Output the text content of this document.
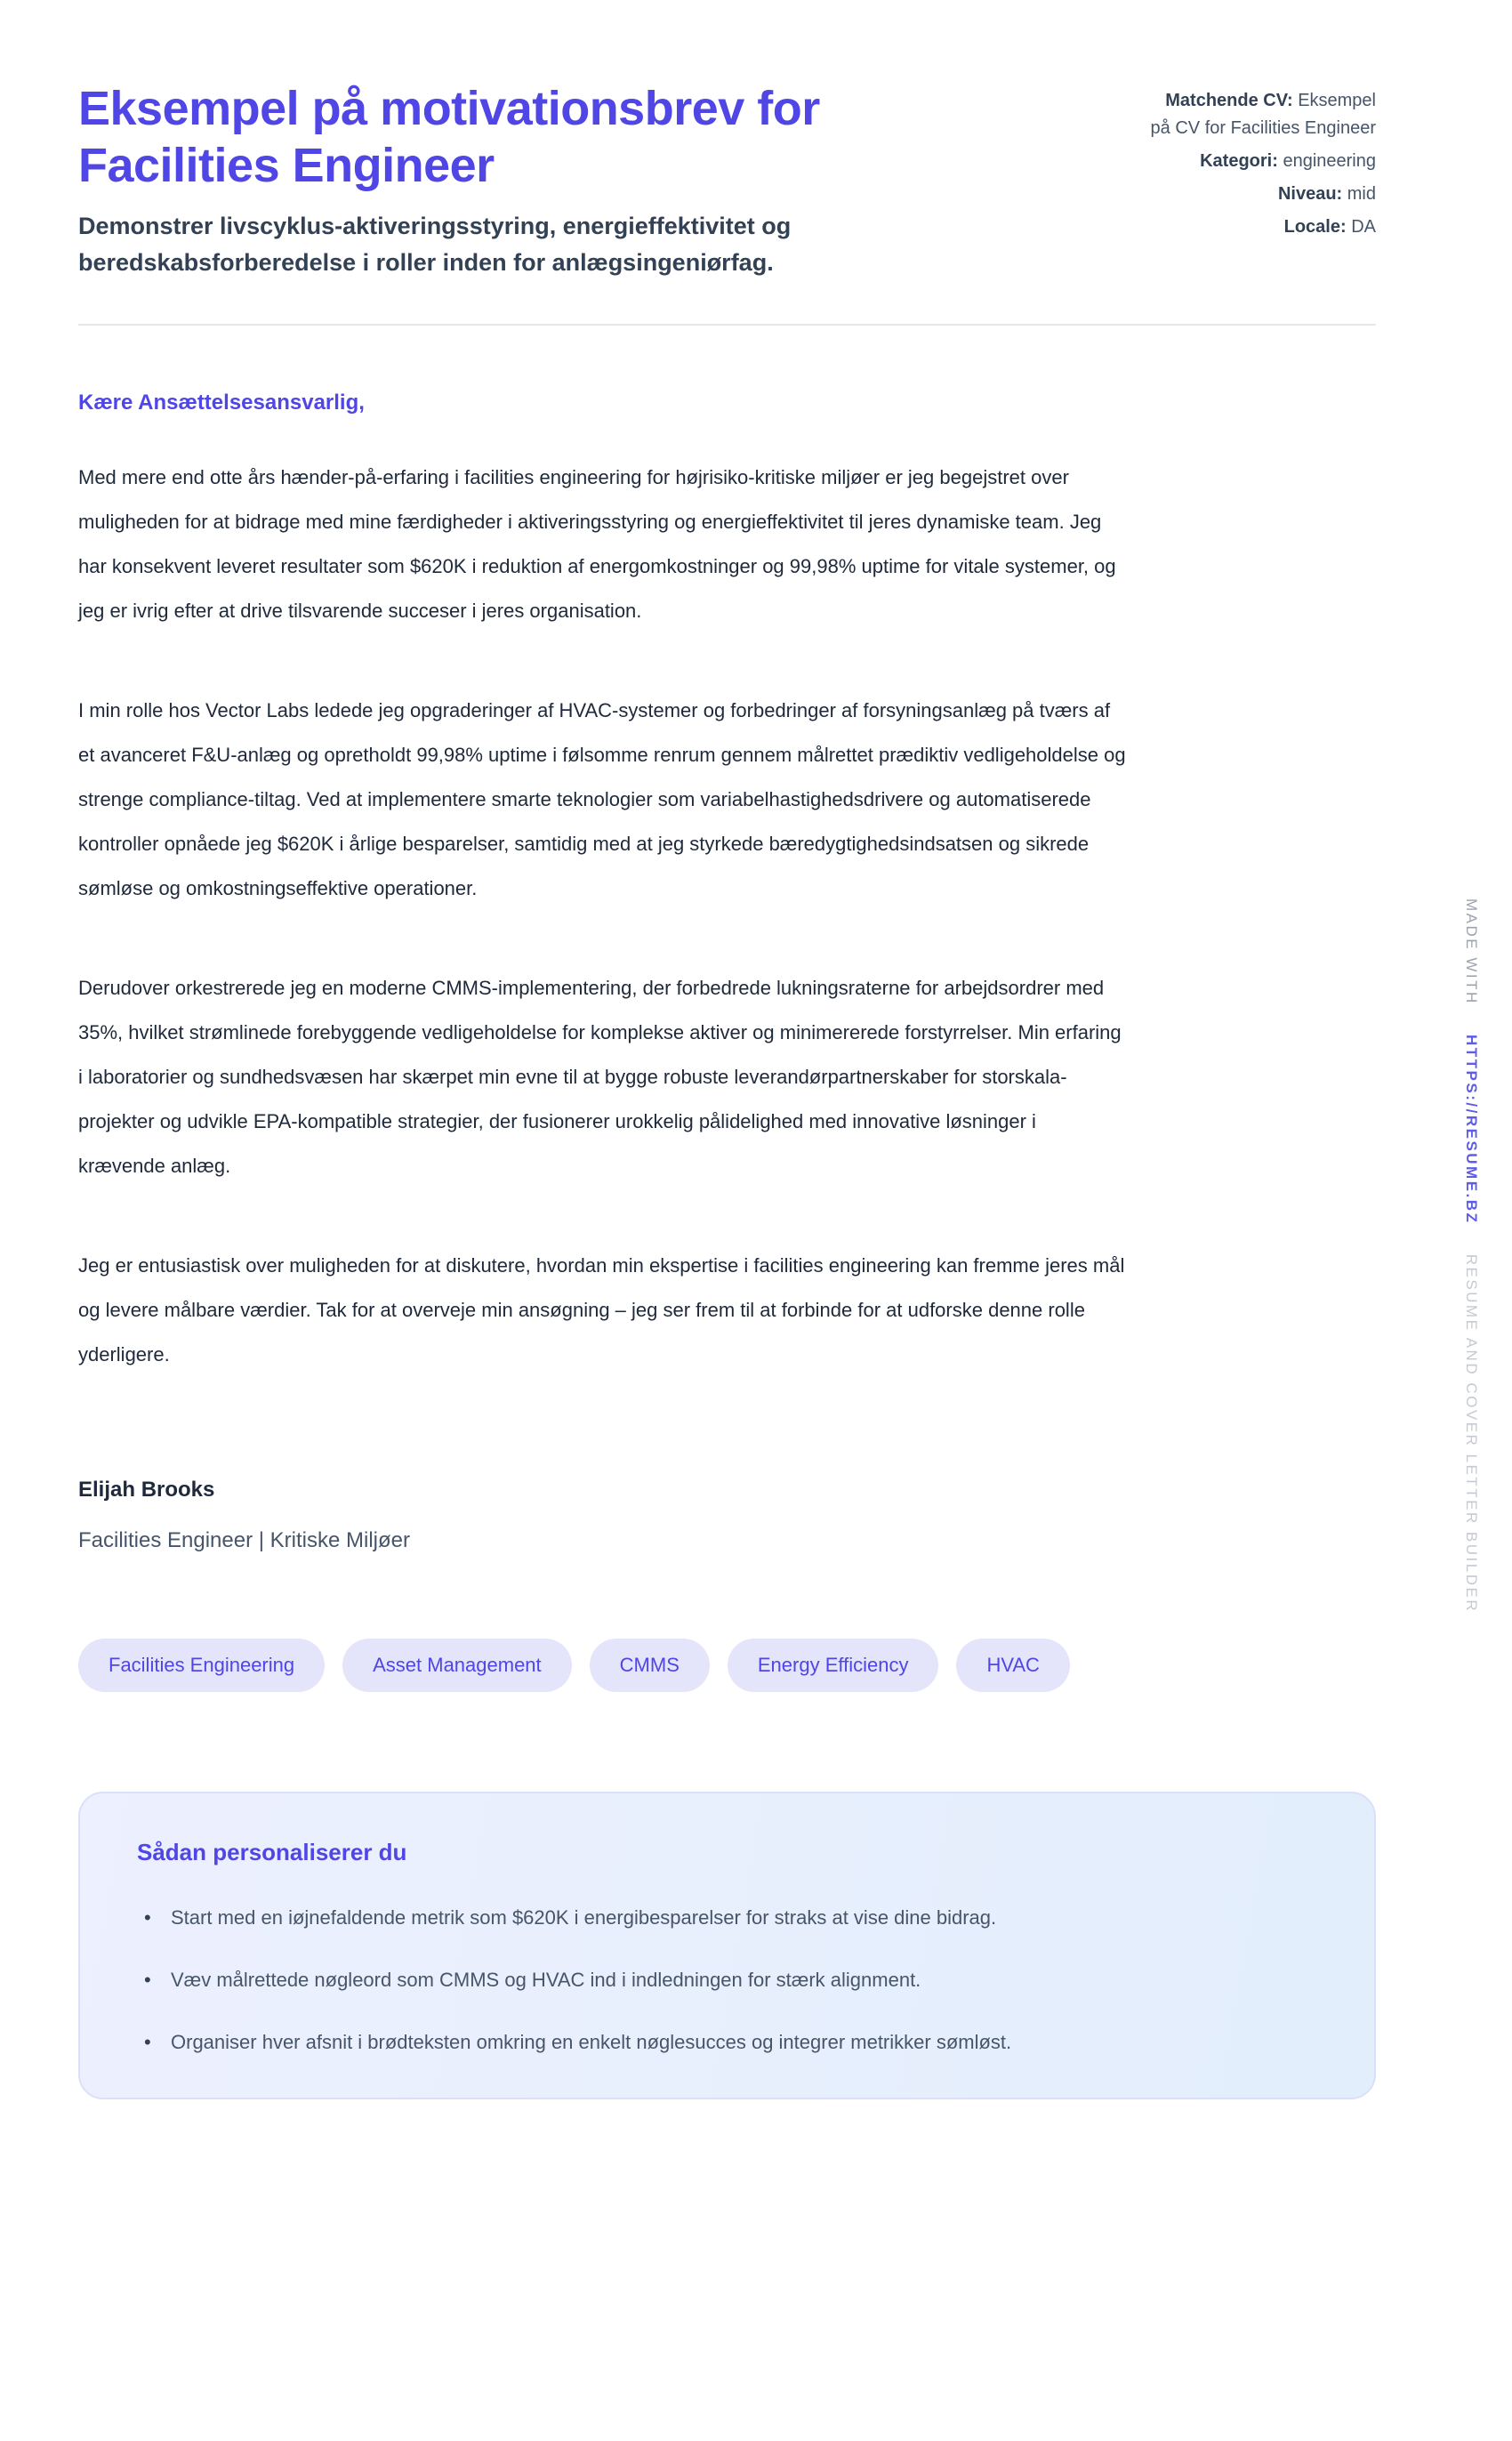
Eksempel på motivationsbrev for Facilities Engineer

Demonstrer livscyklus-aktiveringsstyring, energieffektivitet og beredskabsforberedelse i roller inden for anlægsingeniørfag.

Matchende CV: Eksempel på CV for Facilities Engineer
Kategori: engineering
Niveau: mid
Locale: DA

Kære Ansættelsesansvarlig,

Med mere end otte års hænder-på-erfaring i facilities engineering for højrisiko-kritiske miljøer er jeg begejstret over muligheden for at bidrage med mine færdigheder i aktiveringsstyring og energieffektivitet til jeres dynamiske team. Jeg har konsekvent leveret resultater som $620K i reduktion af energomkostninger og 99,98% uptime for vitale systemer, og jeg er ivrig efter at drive tilsvarende succeser i jeres organisation.

I min rolle hos Vector Labs ledede jeg opgraderinger af HVAC-systemer og forbedringer af forsyningsanlæg på tværs af et avanceret F&U-anlæg og opretholdt 99,98% uptime i følsomme renrum gennem målrettet prædiktiv vedligeholdelse og strenge compliance-tiltag. Ved at implementere smarte teknologier som variabelhastighedsdrivere og automatiserede kontroller opnåede jeg $620K i årlige besparelser, samtidig med at jeg styrkede bæredygtighedsindsatsen og sikrede sømløse og omkostningseffektive operationer.

Derudover orkestrerede jeg en moderne CMMS-implementering, der forbedrede lukningsraterne for arbejdsordrer med 35%, hvilket strømlinede forebyggende vedligeholdelse for komplekse aktiver og minimererede forstyrrelser. Min erfaring i laboratorier og sundhedsvæsen har skærpet min evne til at bygge robuste leverandørpartnerskaber for storskala-projekter og udvikle EPA-kompatible strategier, der fusionerer urokkelig pålidelighed med innovative løsninger i krævende anlæg.

Jeg er entusiastisk over muligheden for at diskutere, hvordan min ekspertise i facilities engineering kan fremme jeres mål og levere målbare værdier. Tak for at overveje min ansøgning – jeg ser frem til at forbinde for at udforske denne rolle yderligere.

Elijah Brooks

Facilities Engineer | Kritiske Miljøer

Facilities Engineering	Asset Management	CMMS	Energy Efficiency	HVAC
Sådan personaliserer du
• Start med en iøjnefaldende metrik som $620K i energibesparelser for straks at vise dine bidrag.
• Væv målrettede nøgleord som CMMS og HVAC ind i indledningen for stærk alignment.
• Organiser hver afsnit i brødteksten omkring en enkelt nøglesucces og integrer metrikker sømløst.
MADE WITH HTTPS://RESUME.BZ RESUME AND COVER LETTER BUILDER
